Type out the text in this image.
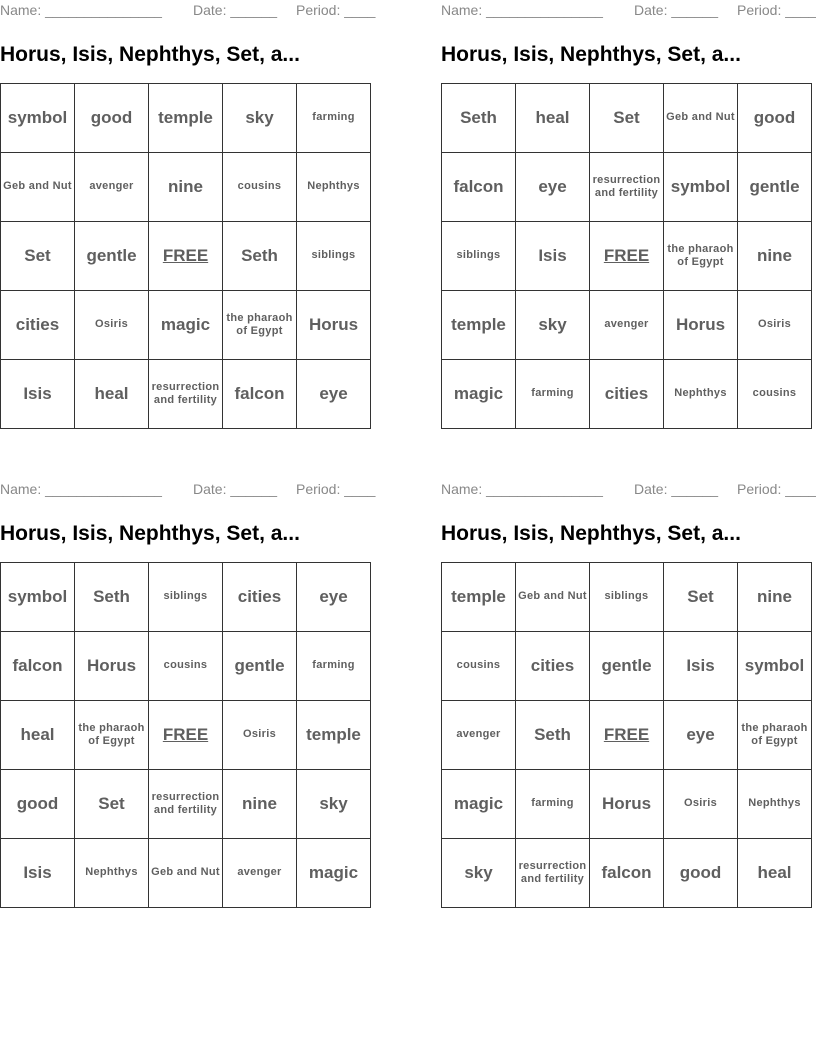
Name: _______________ Date: ______ Period: ____
Horus, Isis, Nephthys, Set, a...
symbol	good	temple	sky	farming
Geb and Nut	avenger	nine	cousins	Nephthys
Set	gentle	FREE	Seth	siblings
cities	Osiris	magic	the pharaoh of Egypt	Horus
Isis	heal	resurrection and fertility	falcon	eye
Name: _______________ Date: ______ Period: ____
Horus, Isis, Nephthys, Set, a...
Seth	heal	Set	Geb and Nut	good
falcon	eye	resurrection and fertility	symbol	gentle
siblings	Isis	FREE	the pharaoh of Egypt	nine
temple	sky	avenger	Horus	Osiris
magic	farming	cities	Nephthys	cousins
Name: _______________ Date: ______ Period: ____
Horus, Isis, Nephthys, Set, a...
symbol	Seth	siblings	cities	eye
falcon	Horus	cousins	gentle	farming
heal	the pharaoh of Egypt	FREE	Osiris	temple
good	Set	resurrection and fertility	nine	sky
Isis	Nephthys	Geb and Nut	avenger	magic
Name: _______________ Date: ______ Period: ____
Horus, Isis, Nephthys, Set, a...
temple	Geb and Nut	siblings	Set	nine
cousins	cities	gentle	Isis	symbol
avenger	Seth	FREE	eye	the pharaoh of Egypt
magic	farming	Horus	Osiris	Nephthys
sky	resurrection and fertility	falcon	good	heal
